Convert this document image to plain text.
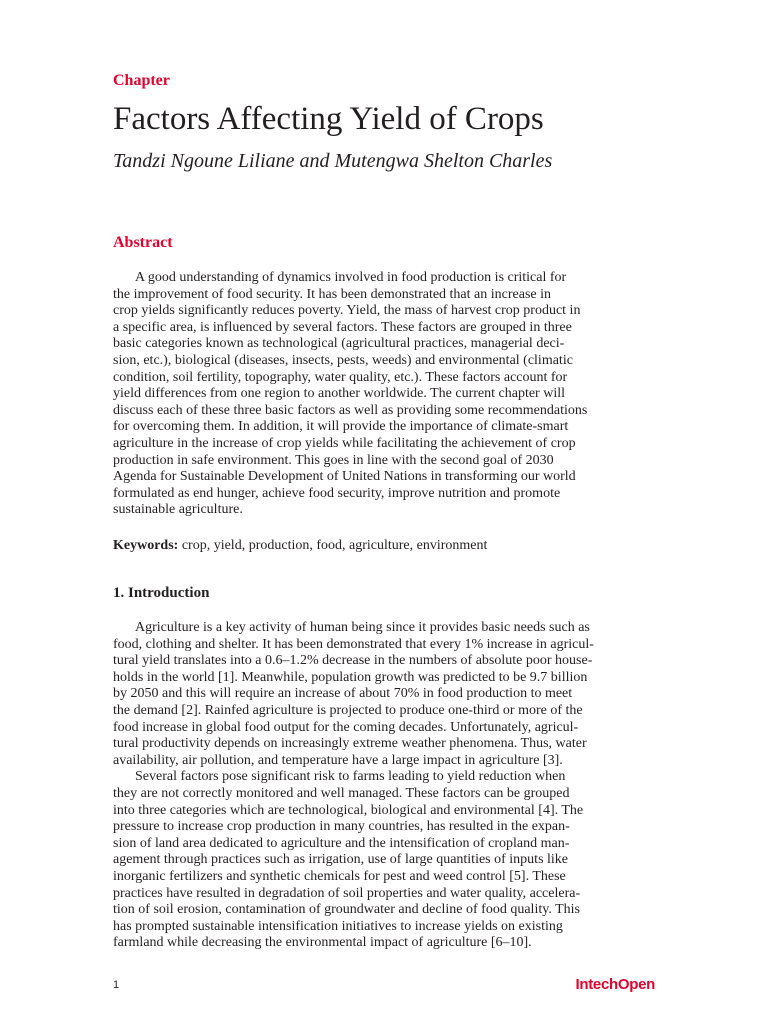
Chapter
Factors Affecting Yield of Crops
Tandzi Ngoune Liliane and Mutengwa Shelton Charles
Abstract
A good understanding of dynamics involved in food production is critical for
the improvement of food security. It has been demonstrated that an increase in
crop yields significantly reduces poverty. Yield, the mass of harvest crop product in
a specific area, is influenced by several factors. These factors are grouped in three
basic categories known as technological (agricultural practices, managerial deci-
sion, etc.), biological (diseases, insects, pests, weeds) and environmental (climatic
condition, soil fertility, topography, water quality, etc.). These factors account for
yield differences from one region to another worldwide. The current chapter will
discuss each of these three basic factors as well as providing some recommendations
for overcoming them. In addition, it will provide the importance of climate-smart
agriculture in the increase of crop yields while facilitating the achievement of crop
production in safe environment. This goes in line with the second goal of 2030
Agenda for Sustainable Development of United Nations in transforming our world
formulated as end hunger, achieve food security, improve nutrition and promote
sustainable agriculture.
Keywords: crop, yield, production, food, agriculture, environment
1. Introduction
Agriculture is a key activity of human being since it provides basic needs such as
food, clothing and shelter. It has been demonstrated that every 1% increase in agricul-
tural yield translates into a 0.6–1.2% decrease in the numbers of absolute poor house-
holds in the world [1]. Meanwhile, population growth was predicted to be 9.7 billion
by 2050 and this will require an increase of about 70% in food production to meet
the demand [2]. Rainfed agriculture is projected to produce one-third or more of the
food increase in global food output for the coming decades. Unfortunately, agricul-
tural productivity depends on increasingly extreme weather phenomena. Thus, water
availability, air pollution, and temperature have a large impact in agriculture [3].
Several factors pose significant risk to farms leading to yield reduction when
they are not correctly monitored and well managed. These factors can be grouped
into three categories which are technological, biological and environmental [4]. The
pressure to increase crop production in many countries, has resulted in the expan-
sion of land area dedicated to agriculture and the intensification of cropland man-
agement through practices such as irrigation, use of large quantities of inputs like
inorganic fertilizers and synthetic chemicals for pest and weed control [5]. These
practices have resulted in degradation of soil properties and water quality, accelera-
tion of soil erosion, contamination of groundwater and decline of food quality. This
has prompted sustainable intensification initiatives to increase yields on existing
farmland while decreasing the environmental impact of agriculture [6–10].
1	IntechOpen
